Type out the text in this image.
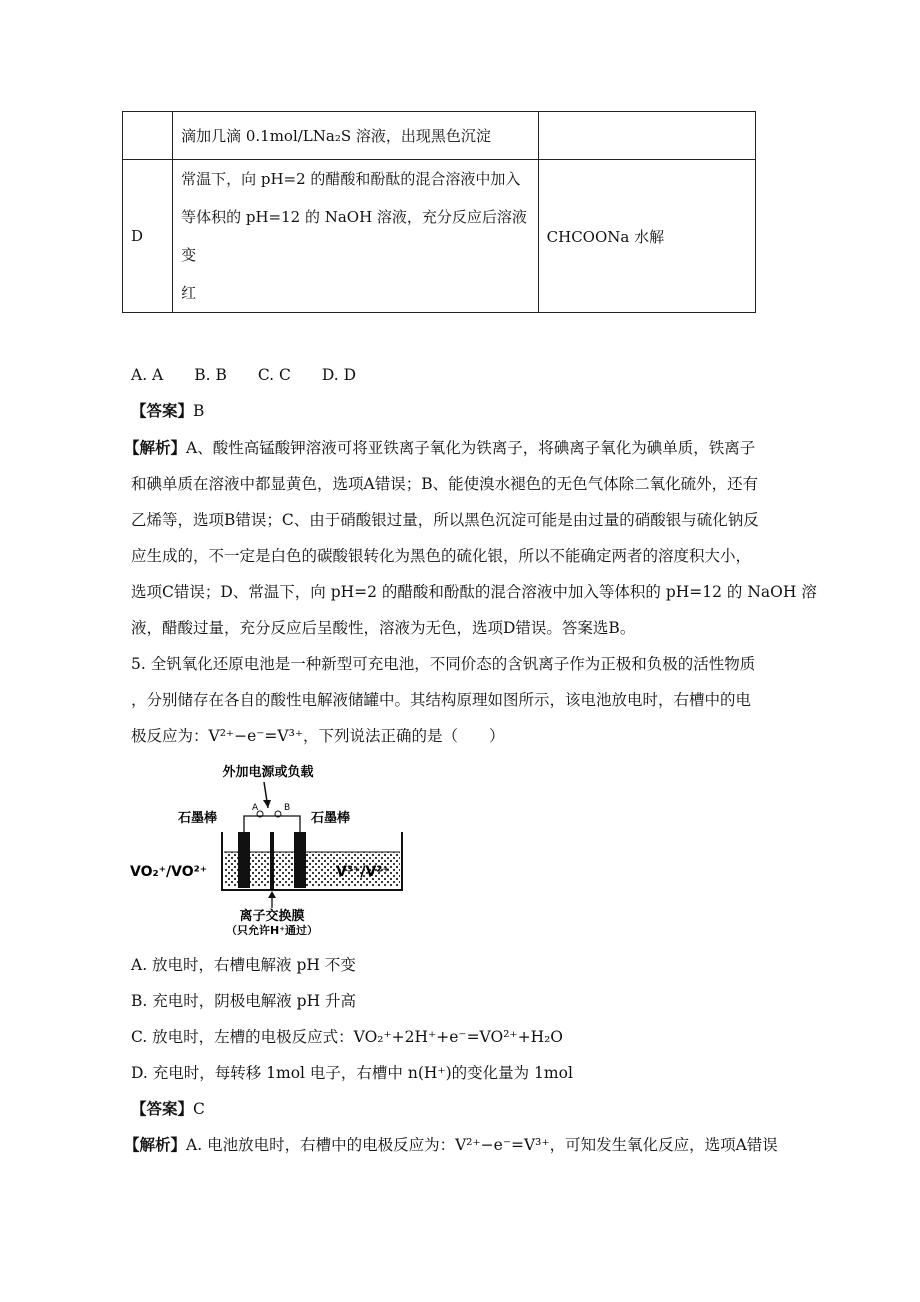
	滴加几滴 0.1mol/LNa₂S 溶液，出现黑色沉淀	
D	常温下，向 pH=2 的醋酸和酚酞的混合溶液中加入
等体积的 pH=12 的 NaOH 溶液，充分反应后溶液变
红	CHCOONa 水解
A. A　　B. B　　C. C　　D. D
【答案】B
【解析】A、酸性高锰酸钾溶液可将亚铁离子氧化为铁离子，将碘离子氧化为碘单质，铁离子
和碘单质在溶液中都显黄色，选项A错误；B、能使溴水褪色的无色气体除二氧化硫外，还有
乙烯等，选项B错误；C、由于硝酸银过量，所以黑色沉淀可能是由过量的硝酸银与硫化钠反
应生成的，不一定是白色的碳酸银转化为黑色的硫化银，所以不能确定两者的溶度积大小，
选项C错误；D、常温下，向 pH=2 的醋酸和酚酞的混合溶液中加入等体积的 pH=12 的 NaOH 溶
液，醋酸过量，充分反应后呈酸性，溶液为无色，选项D错误。答案选B。
5. 全钒氧化还原电池是一种新型可充电池，不同价态的含钒离子作为正极和负极的活性物质
，分别储存在各自的酸性电解液储罐中。其结构原理如图所示，该电池放电时，右槽中的电
极反应为：V²⁺−e⁻=V³⁺，下列说法正确的是（　　）
外加电源或负载
A	B
石墨棒	石墨棒
VO₂⁺/VO²⁺	V³⁺/V²⁺
离子交换膜
（只允许H⁺通过）
A. 放电时，右槽电解液 pH 不变
B. 充电时，阴极电解液 pH 升高
C. 放电时，左槽的电极反应式：VO₂⁺+2H⁺+e⁻=VO²⁺+H₂O
D. 充电时，每转移 1mol 电子，右槽中 n(H⁺)的变化量为 1mol
【答案】C
【解析】A. 电池放电时，右槽中的电极反应为：V²⁺−e⁻=V³⁺，可知发生氧化反应，选项A错误
